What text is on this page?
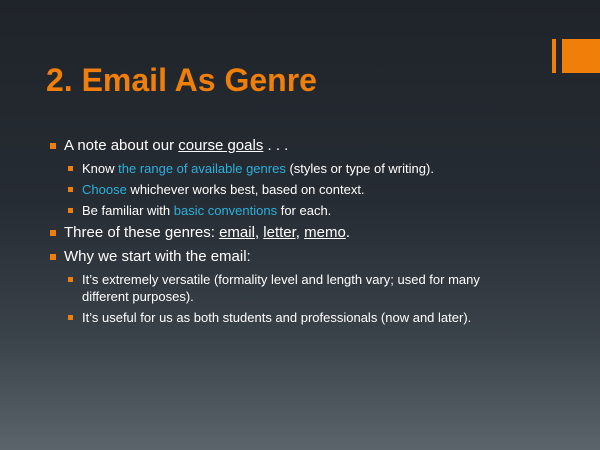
2. Email As Genre
A note about our course goals . . .
Know the range of available genres (styles or type of writing).
Choose whichever works best, based on context.
Be familiar with basic conventions for each.
Three of these genres: email, letter, memo.
Why we start with the email:
It’s extremely versatile (formality level and length vary; used for many different purposes).
It’s useful for us as both students and professionals (now and later).
